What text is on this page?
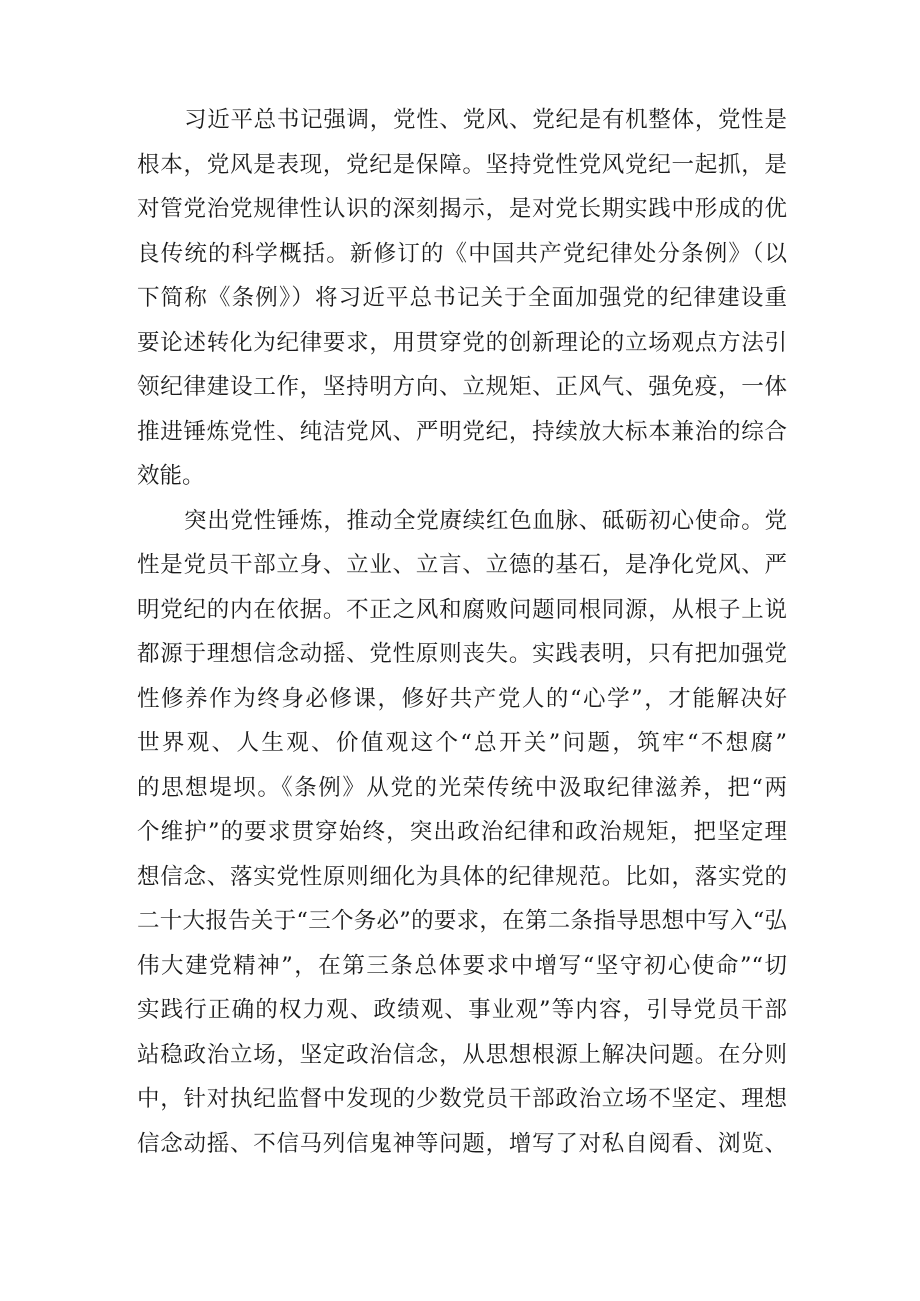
习近平总书记强调，党性、党风、党纪是有机整体，党性是
根本，党风是表现，党纪是保障。坚持党性党风党纪一起抓，是
对管党治党规律性认识的深刻揭示，是对党长期实践中形成的优
良传统的科学概括。新修订的《中国共产党纪律处分条例》（以
下简称《条例》）将习近平总书记关于全面加强党的纪律建设重
要论述转化为纪律要求，用贯穿党的创新理论的立场观点方法引
领纪律建设工作，坚持明方向、立规矩、正风气、强免疫，一体
推进锤炼党性、纯洁党风、严明党纪，持续放大标本兼治的综合
效能。
突出党性锤炼，推动全党赓续红色血脉、砥砺初心使命。党
性是党员干部立身、立业、立言、立德的基石，是净化党风、严
明党纪的内在依据。不正之风和腐败问题同根同源，从根子上说
都源于理想信念动摇、党性原则丧失。实践表明，只有把加强党
性修养作为终身必修课，修好共产党人的“心学”，才能解决好
世界观、人生观、价值观这个“总开关”问题，筑牢“不想腐”
的思想堤坝。《条例》从党的光荣传统中汲取纪律滋养，把“两
个维护”的要求贯穿始终，突出政治纪律和政治规矩，把坚定理
想信念、落实党性原则细化为具体的纪律规范。比如，落实党的
二十大报告关于“三个务必”的要求，在第二条指导思想中写入“弘
伟大建党精神”，在第三条总体要求中增写“坚守初心使命”“切
实践行正确的权力观、政绩观、事业观”等内容，引导党员干部
站稳政治立场，坚定政治信念，从思想根源上解决问题。在分则
中，针对执纪监督中发现的少数党员干部政治立场不坚定、理想
信念动摇、不信马列信鬼神等问题，增写了对私自阅看、浏览、
